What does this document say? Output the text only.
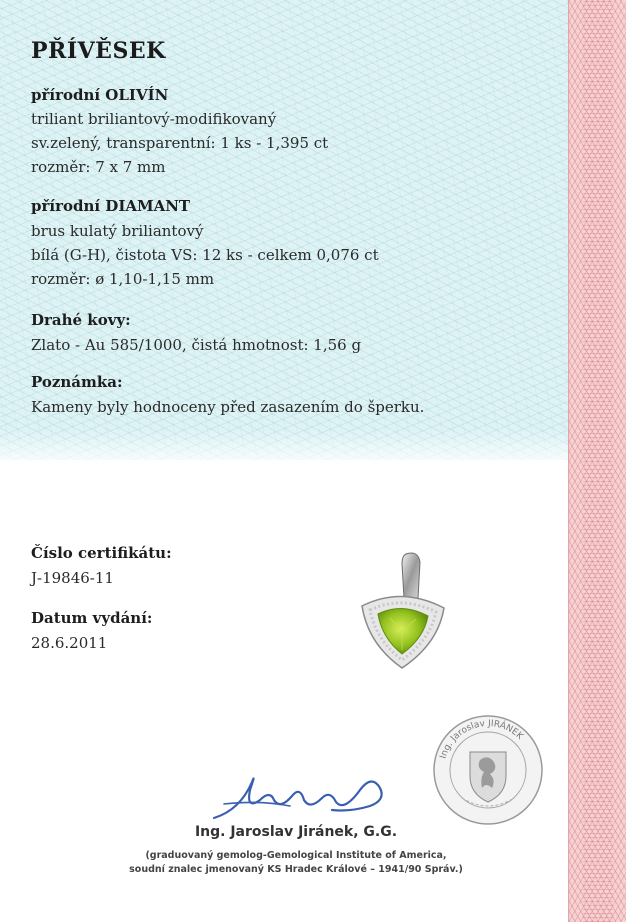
PŘÍVĚSEK
přírodní OLIVÍN
triliant briliantový-modifikovaný
sv.zelený, transparentní: 1 ks - 1,395 ct
rozměr: 7 x 7 mm
přírodní DIAMANT
brus kulatý briliantový
bílá (G-H), čistota VS: 12 ks - celkem 0,076 ct
rozměr: ø 1,10-1,15 mm
Drahé kovy:
Zlato - Au 585/1000, čistá hmotnost: 1,56 g
Poznámka:
Kameny byly hodnoceny před zasazením do šperku.
Číslo certifikátu:
J-19846-11
Datum vydání:
28.6.2011
Ing. Jaroslav Jiránek, G.G.
(graduovaný gemolog-Gemological Institute of America,
soudní znalec jmenovaný KS Hradec Králové – 1941/90 Správ.)
Ing. Jaroslav JIRÁNEK
